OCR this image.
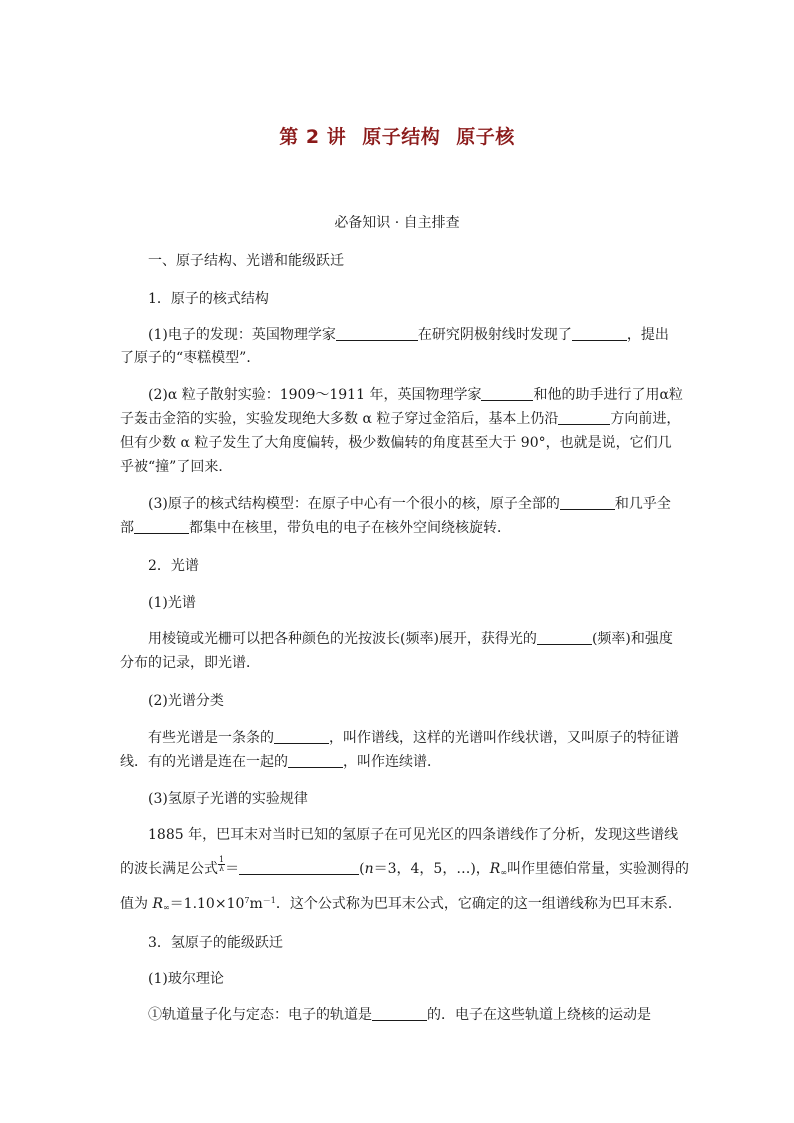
第 2 讲 原子结构 原子核
必备知识 · 自主排查
一、原子结构、光谱和能级跃迁
1．原子的核式结构
(1)电子的发现：英国物理学家	在研究阴极射线时发现了	，提出
了原子的“枣糕模型”．
(2)α 粒子散射实验：1909～1911 年，英国物理学家	和他的助手进行了用α粒
子轰击金箔的实验，实验发现绝大多数 α 粒子穿过金箔后，基本上仍沿	方向前进，
但有少数 α 粒子发生了大角度偏转，极少数偏转的角度甚至大于 90°，也就是说，它们几
乎被“撞”了回来．
(3)原子的核式结构模型：在原子中心有一个很小的核，原子全部的	和几乎全
部	都集中在核里，带负电的电子在核外空间绕核旋转．
2．光谱
(1)光谱
用棱镜或光栅可以把各种颜色的光按波长(频率)展开，获得光的	(频率)和强度
分布的记录，即光谱．
(2)光谱分类
有些光谱是一条条的	，叫作谱线，这样的光谱叫作线状谱，又叫原子的特征谱
线．有的光谱是连在一起的	，叫作连续谱．
(3)氢原子光谱的实验规律
1885 年，巴耳末对当时已知的氢原子在可见光区的四条谱线作了分析，发现这些谱线
的波长满足公式 $\frac{1}{\lambda}$ ＝	(n＝3，4，5，…)，$R_\infty$叫作里德伯常量，实验测得的
值为 $R_\infty=1.10\times 10^7m^{-1}$．这个公式称为巴耳末公式，它确定的这一组谱线称为巴耳末系．
3．氢原子的能级跃迁
(1)玻尔理论
①轨道量子化与定态：电子的轨道是	的．电子在这些轨道上绕核的运动是
